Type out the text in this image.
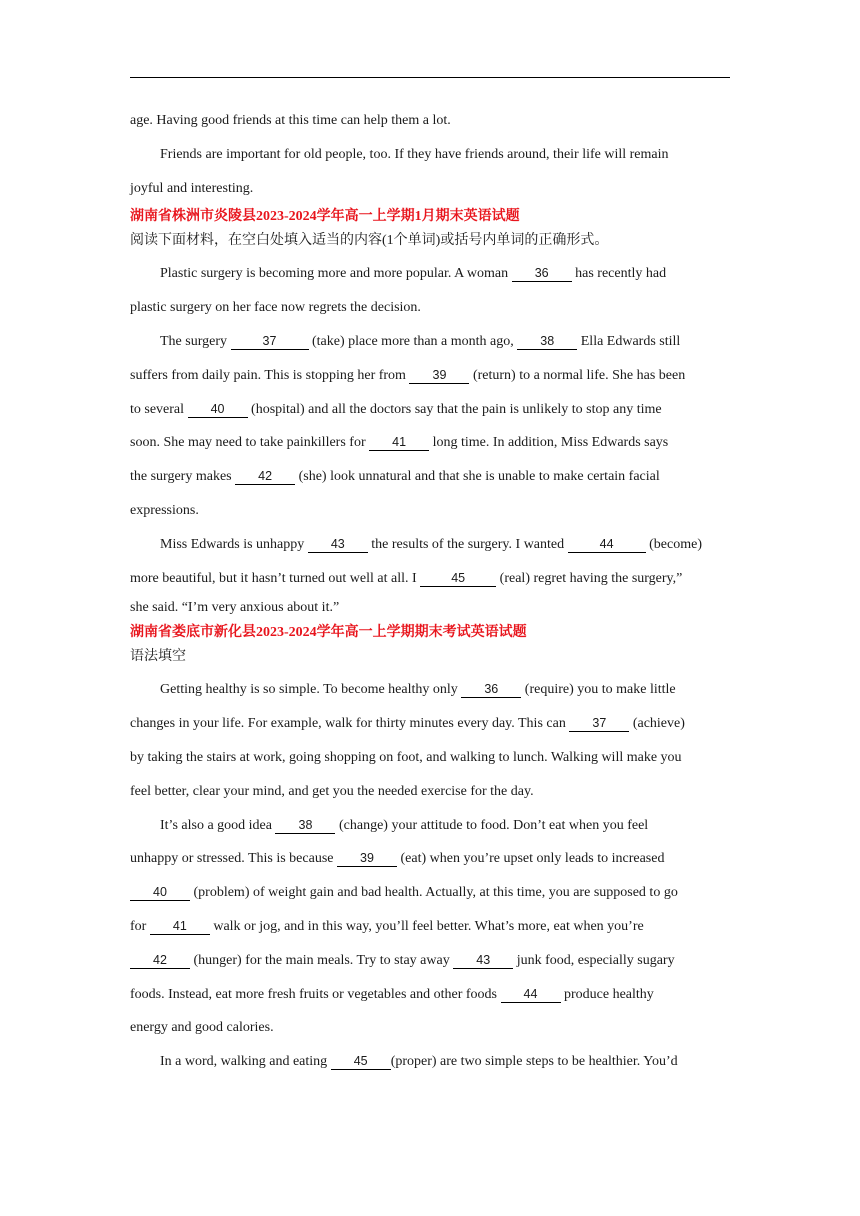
age. Having good friends at this time can help them a lot.

Friends are important for old people, too. If they have friends around, their life will remain

joyful and interesting.

湖南省株洲市炎陵县2023-2024学年高一上学期1月期末英语试题

阅读下面材料，在空白处填入适当的内容(1个单词)或括号内单词的正确形式。

Plastic surgery is becoming more and more popular. A woman 36 has recently had

plastic surgery on her face now regrets the decision.

The surgery	37 (take) place more than a month ago, 38 Ella Edwards still

suffers from daily pain. This is stopping her from 39 (return) to a normal life. She has been

to several 40 (hospital) and all the doctors say that the pain is unlikely to stop any time

soon. She may need to take painkillers for 41 long time. In addition, Miss Edwards says

the surgery makes 42 (she) look unnatural and that she is unable to make certain facial

expressions.

Miss Edwards is unhappy 43 the results of the surgery. I wanted	44 (become)

more beautiful, but it hasn’t turned out well at all. I 45 (real) regret having the surgery,”

she said. “I’m very anxious about it.”

湖南省娄底市新化县2023-2024学年高一上学期期末考试英语试题

语法填空

Getting healthy is so simple. To become healthy only 36 (require) you to make little

changes in your life. For example, walk for thirty minutes every day. This can 37 (achieve)

by taking the stairs at work, going shopping on foot, and walking to lunch. Walking will make you

feel better, clear your mind, and get you the needed exercise for the day.

It’s also a good idea 38 (change) your attitude to food. Don’t eat when you feel

unhappy or stressed. This is because 39 (eat) when you’re upset only leads to increased

40 (problem) of weight gain and bad health. Actually, at this time, you are supposed to go

for 41 walk or jog, and in this way, you’ll feel better. What’s more, eat when you’re

42 (hunger) for the main meals. Try to stay away 43 junk food, especially sugary

foods. Instead, eat more fresh fruits or vegetables and other foods 44 produce healthy

energy and good calories.

In a word, walking and eating 45 (proper) are two simple steps to be healthier. You’d
